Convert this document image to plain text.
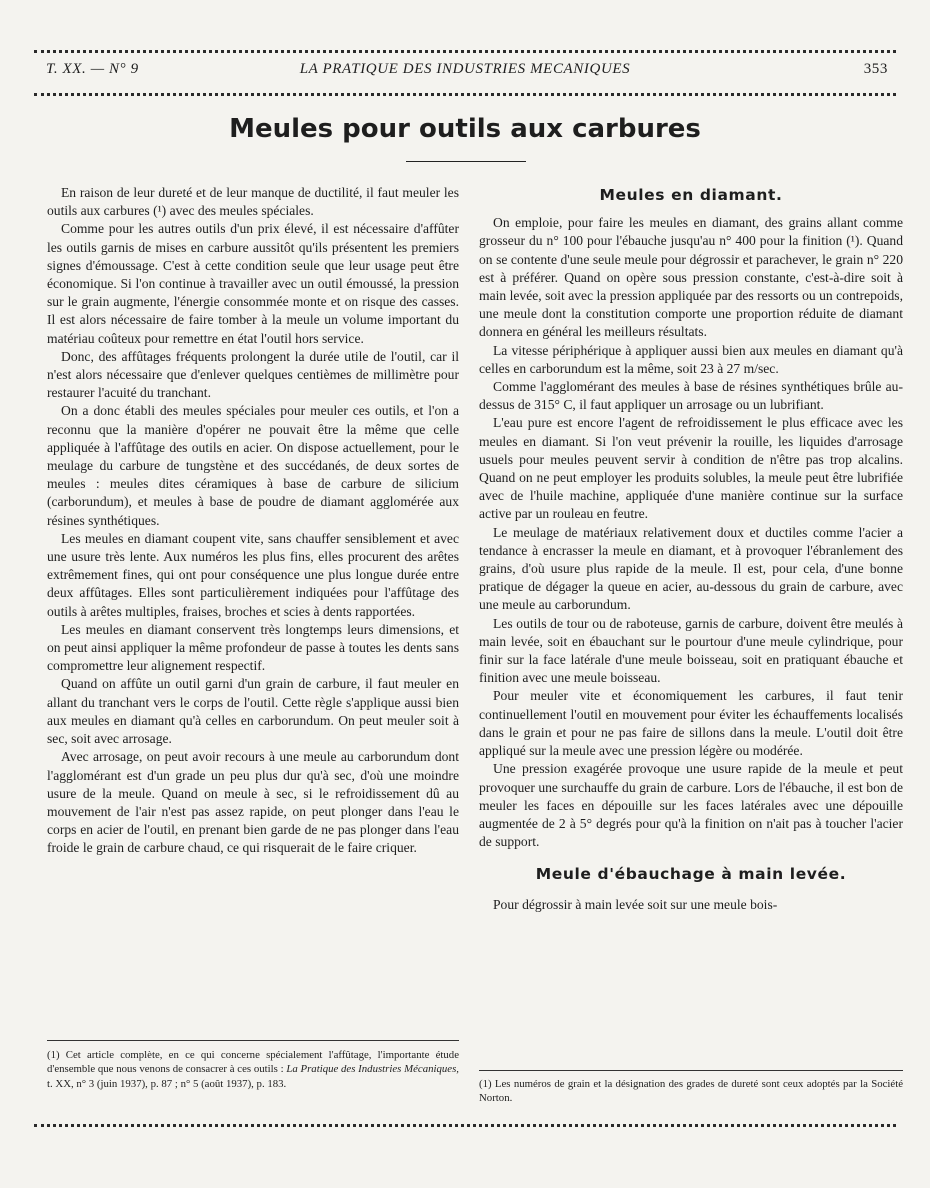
T. XX. — N° 9	LA PRATIQUE DES INDUSTRIES MECANIQUES	353
Meules pour outils aux carbures

En raison de leur dureté et de leur manque de ductilité, il faut meuler les outils aux carbures (¹) avec des meules spéciales.

Comme pour les autres outils d'un prix élevé, il est nécessaire d'affûter les outils garnis de mises en carbure aussitôt qu'ils présentent les premiers signes d'émoussage. C'est à cette condition seule que leur usage peut être économique. Si l'on continue à travailler avec un outil émoussé, la pression sur le grain augmente, l'énergie consommée monte et on risque des casses. Il est alors nécessaire de faire tomber à la meule un volume important du matériau coûteux pour remettre en état l'outil hors service.

Donc, des affûtages fréquents prolongent la durée utile de l'outil, car il n'est alors nécessaire que d'enlever quelques centièmes de millimètre pour restaurer l'acuité du tranchant.

On a donc établi des meules spéciales pour meuler ces outils, et l'on a reconnu que la manière d'opérer ne pouvait être la même que celle appliquée à l'affûtage des outils en acier. On dispose actuellement, pour le meulage du carbure de tungstène et des succédanés, de deux sortes de meules : meules dites céramiques à base de carbure de silicium (carborundum), et meules à base de poudre de diamant agglomérée aux résines synthétiques.

Les meules en diamant coupent vite, sans chauffer sensiblement et avec une usure très lente. Aux numéros les plus fins, elles procurent des arêtes extrêmement fines, qui ont pour conséquence une plus longue durée entre deux affûtages. Elles sont particulièrement indiquées pour l'affûtage des outils à arêtes multiples, fraises, broches et scies à dents rapportées.

Les meules en diamant conservent très longtemps leurs dimensions, et on peut ainsi appliquer la même profondeur de passe à toutes les dents sans compromettre leur alignement respectif.

Quand on affûte un outil garni d'un grain de carbure, il faut meuler en allant du tranchant vers le corps de l'outil. Cette règle s'applique aussi bien aux meules en diamant qu'à celles en carborundum. On peut meuler soit à sec, soit avec arrosage.

Avec arrosage, on peut avoir recours à une meule au carborundum dont l'agglomérant est d'un grade un peu plus dur qu'à sec, d'où une moindre usure de la meule. Quand on meule à sec, si le refroidissement dû au mouvement de l'air n'est pas assez rapide, on peut plonger dans l'eau le corps en acier de l'outil, en prenant bien garde de ne pas plonger dans l'eau froide le grain de carbure chaud, ce qui risquerait de le faire criquer.

Meules en diamant.

On emploie, pour faire les meules en diamant, des grains allant comme grosseur du n° 100 pour l'ébauche jusqu'au n° 400 pour la finition (¹). Quand on se contente d'une seule meule pour dégrossir et parachever, le grain n° 220 est à préférer. Quand on opère sous pression constante, c'est-à-dire soit à main levée, soit avec la pression appliquée par des ressorts ou un contrepoids, une meule dont la constitution comporte une proportion réduite de diamant donnera en général les meilleurs résultats.

La vitesse périphérique à appliquer aussi bien aux meules en diamant qu'à celles en carborundum est la même, soit 23 à 27 m/sec.

Comme l'agglomérant des meules à base de résines synthétiques brûle au-dessus de 315° C, il faut appliquer un arrosage ou un lubrifiant.

L'eau pure est encore l'agent de refroidissement le plus efficace avec les meules en diamant. Si l'on veut prévenir la rouille, les liquides d'arrosage usuels pour meules peuvent servir à condition de n'être pas trop alcalins. Quand on ne peut employer les produits solubles, la meule peut être lubrifiée avec de l'huile machine, appliquée d'une manière continue sur la surface active par un rouleau en feutre.

Le meulage de matériaux relativement doux et ductiles comme l'acier a tendance à encrasser la meule en diamant, et à provoquer l'ébranlement des grains, d'où usure plus rapide de la meule. Il est, pour cela, d'une bonne pratique de dégager la queue en acier, au-dessous du grain de carbure, avec une meule au carborundum.

Les outils de tour ou de raboteuse, garnis de carbure, doivent être meulés à main levée, soit en ébauchant sur le pourtour d'une meule cylindrique, pour finir sur la face latérale d'une meule boisseau, soit en pratiquant ébauche et finition avec une meule boisseau.

Pour meuler vite et économiquement les carbures, il faut tenir continuellement l'outil en mouvement pour éviter les échauffements localisés dans le grain et pour ne pas faire de sillons dans la meule. L'outil doit être appliqué sur la meule avec une pression légère ou modérée.

Une pression exagérée provoque une usure rapide de la meule et peut provoquer une surchauffe du grain de carbure. Lors de l'ébauche, il est bon de meuler les faces en dépouille sur les faces latérales avec une dépouille augmentée de 2 à 5° degrés pour qu'à la finition on n'ait pas à toucher l'acier de support.

Meule d'ébauchage à main levée.

Pour dégrossir à main levée soit sur une meule bois-

(1) Cet article complète, en ce qui concerne spécialement l'affûtage, l'importante étude d'ensemble que nous venons de consacrer à ces outils : La Pratique des Industries Mécaniques, t. XX, n° 3 (juin 1937), p. 87 ; n° 5 (août 1937), p. 183.	(1) Les numéros de grain et la désignation des grades de dureté sont ceux adoptés par la Société Norton.
